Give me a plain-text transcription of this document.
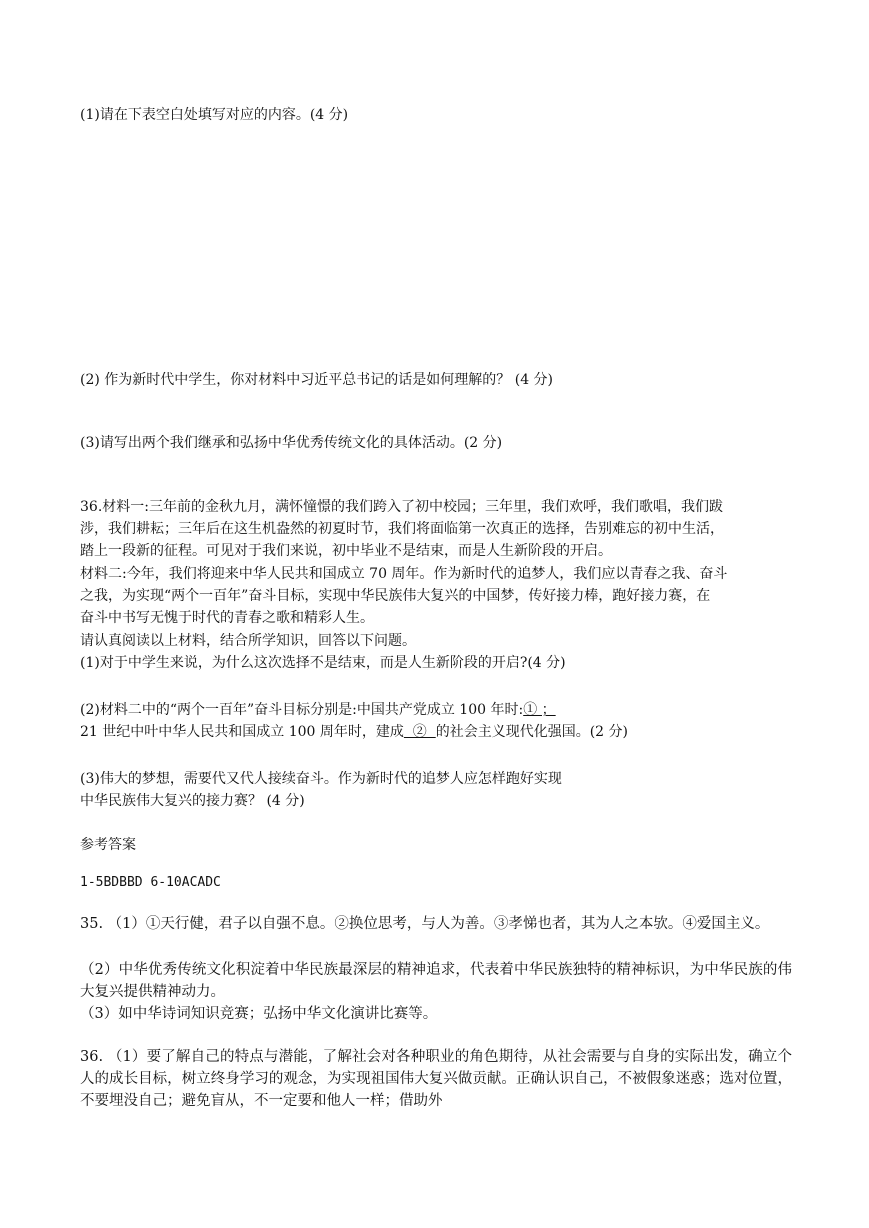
(1)请在下表空白处填写对应的内容。(4 分)
(2) 作为新时代中学生，你对材料中习近平总书记的话是如何理解的？ (4 分)
(3)请写出两个我们继承和弘扬中华优秀传统文化的具体活动。(2 分)
36.材料一:三年前的金秋九月，满怀憧憬的我们跨入了初中校园；三年里，我们欢呼，我们歌唱，我们跋
涉，我们耕耘；三年后在这生机盎然的初夏时节，我们将面临第一次真正的选择，告别难忘的初中生活，
踏上一段新的征程。可见对于我们来说，初中毕业不是结束，而是人生新阶段的开启。
材料二:今年，我们将迎来中华人民共和国成立 70 周年。作为新时代的追梦人，我们应以青春之我、奋斗
之我，为实现“两个一百年”奋斗目标，实现中华民族伟大复兴的中国梦，传好接力棒，跑好接力赛，在
奋斗中书写无愧于时代的青春之歌和精彩人生。
请认真阅读以上材料，结合所学知识，回答以下问题。
(1)对于中学生来说，为什么这次选择不是结束，而是人生新阶段的开启?(4 分)
(2)材料二中的“两个一百年”奋斗目标分别是:中国共产党成立 100 年时:① ；
21 世纪中叶中华人民共和国成立 100 周年时，建成  ②  的社会主义现代化强国。(2 分)
(3)伟大的梦想，需要代又代人接续奋斗。作为新时代的追梦人应怎样跑好实现
中华民族伟大复兴的接力赛？ (4 分)
参考答案
1-5BDBBD 6-10ACADC
35. （1）①天行健，君子以自强不息。②换位思考，与人为善。③孝悌也者，其为人之本欤。④爱国主义。
（2）中华优秀传统文化积淀着中华民族最深层的精神追求，代表着中华民族独特的精神标识，为中华民族的伟大复兴提供精神动力。
（3）如中华诗词知识竞赛；弘扬中华文化演讲比赛等。
36. （1）要了解自己的特点与潜能，了解社会对各种职业的角色期待，从社会需要与自身的实际出发，确立个人的成长目标，树立终身学习的观念，为实现祖国伟大复兴做贡献。正确认识自己，不被假象迷惑；选对位置，不要埋没自己；避免盲从，不一定要和他人一样；借助外
